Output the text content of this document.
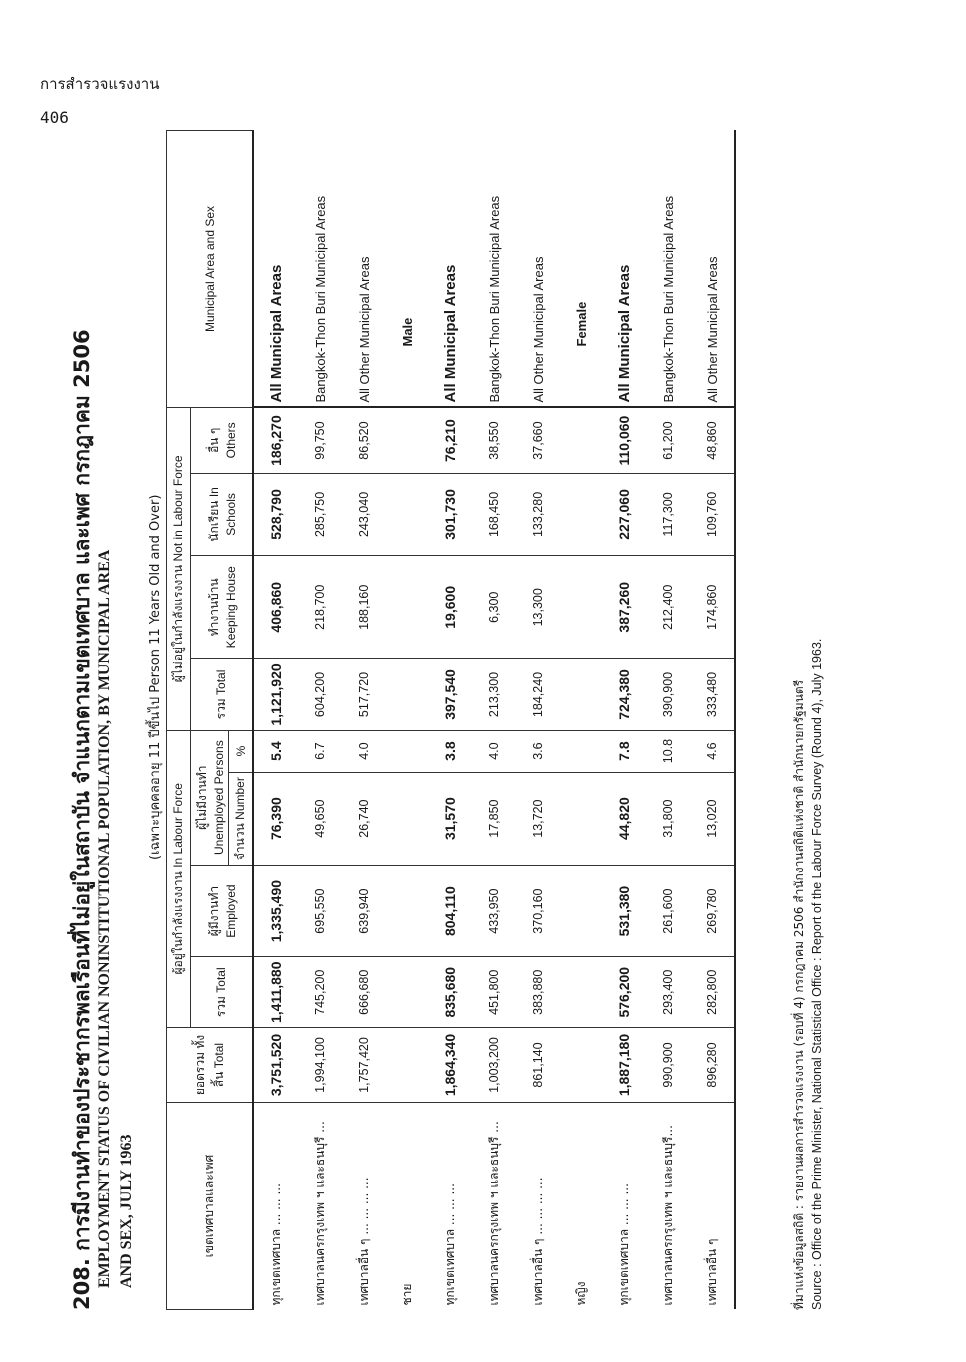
การสำรวจแรงงาน
406
208. การมีงานทำของประชากรพลเรือนที่ไม่อยู่ในสถาบัน จำแนกตามเขตเทศบาล และเพศ กรกฎาคม 2506 EMPLOYMENT STATUS OF CIVILIAN NONINSTITUTIONAL POPULATION, BY MUNICIPAL AREA AND SEX, JULY 1963
(เฉพาะบุคคลอายุ 11 ปีขึ้นไป Person 11 Years Old and Over)
เขตเทศบาลและเพศ	ยอดรวม ทั้งสิ้น Total	ผู้อยู่ในกำลังแรงงาน In Labour Force				ผู้ไม่อยู่ในกำลังแรงงาน Not in Labour Force				Municipal Area and Sex
		รวม Total	ผู้มีงานทำ Employed	ผู้ไม่มีงานทำ Unemployed Persons		รวม Total	ทำงานบ้าน Keeping House	นักเรียน In Schools	อื่น ๆ Others	
				จำนวน Number	%					
ทุกเขตเทศบาล ... ... ...	3,751,520	1,411,880	1,335,490	76,390	5.4	1,121,920	406,860	528,790	186,270	All Municipal Areas
เทศบาลนครกรุงเทพ ฯ และธนบุรี ...	1,994,100	745,200	695,550	49,650	6.7	604,200	218,700	285,750	99,750	Bangkok-Thon Buri Municipal Areas
เทศบาลอื่น ๆ ... ... ... ...	1,757,420	666,680	639,940	26,740	4.0	517,720	188,160	243,040	86,520	All Other Municipal Areas
ชาย										Male
ทุกเขตเทศบาล ... ... ...	1,864,340	835,680	804,110	31,570	3.8	397,540	19,600	301,730	76,210	All Municipal Areas
เทศบาลนครกรุงเทพ ฯ และธนบุรี ...	1,003,200	451,800	433,950	17,850	4.0	213,300	6,300	168,450	38,550	Bangkok-Thon Buri Municipal Areas
เทศบาลอื่น ๆ ... ... ... ...	861,140	383,880	370,160	13,720	3.6	184,240	13,300	133,280	37,660	All Other Municipal Areas
หญิง										Female
ทุกเขตเทศบาล ... ... ...	1,887,180	576,200	531,380	44,820	7.8	724,380	387,260	227,060	110,060	All Municipal Areas
เทศบาลนครกรุงเทพ ฯ และธนบุรี...	990,900	293,400	261,600	31,800	10.8	390,900	212,400	117,300	61,200	Bangkok-Thon Buri Municipal Areas
เทศบาลอื่น ๆ	896,280	282,800	269,780	13,020	4.6	333,480	174,860	109,760	48,860	All Other Municipal Areas
ที่มาแห่งข้อมูลสถิติ : รายงานผลการสำรวจแรงงาน (รอบที่ 4) กรกฎาคม 2506 สำนักงานสถิติแห่งชาติ สำนักนายกรัฐมนตรี Source : Office of the Prime Minister, National Statistical Office : Report of the Labour Force Survey (Round 4), July 1963.
